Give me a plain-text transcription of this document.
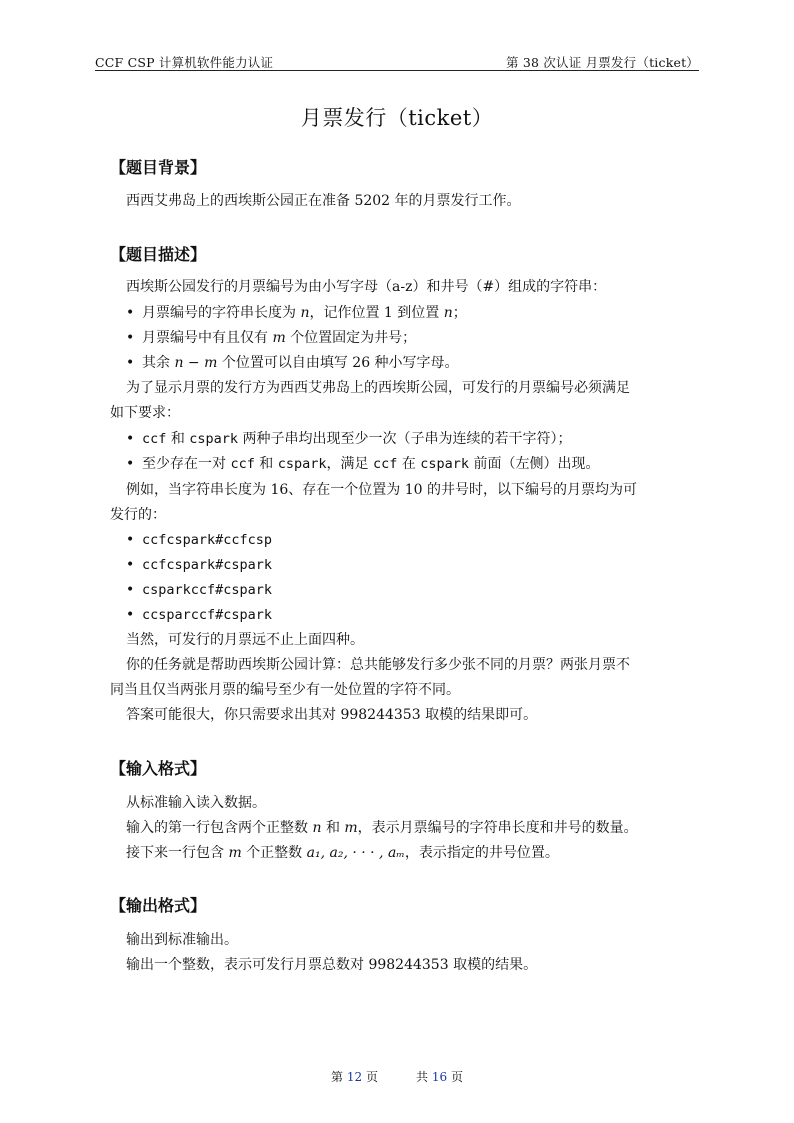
CCF CSP 计算机软件能力认证	第 38 次认证 月票发行（ticket）
月票发行（ticket）
【题目背景】
西西艾弗岛上的西埃斯公园正在准备 5202 年的月票发行工作。
【题目描述】
西埃斯公园发行的月票编号为由小写字母（a-z）和井号（#）组成的字符串：
• 月票编号的字符串长度为 n，记作位置 1 到位置 n；
• 月票编号中有且仅有 m 个位置固定为井号；
• 其余 n − m 个位置可以自由填写 26 种小写字母。
为了显示月票的发行方为西西艾弗岛上的西埃斯公园，可发行的月票编号必须满足
如下要求：
• ccf 和 cspark 两种子串均出现至少一次（子串为连续的若干字符）；
• 至少存在一对 ccf 和 cspark，满足 ccf 在 cspark 前面（左侧）出现。
例如，当字符串长度为 16、存在一个位置为 10 的井号时，以下编号的月票均为可
发行的：
• ccfcspark#ccfcsp
• ccfcspark#cspark
• csparkccf#cspark
• ccsparccf#cspark
当然，可发行的月票远不止上面四种。
你的任务就是帮助西埃斯公园计算：总共能够发行多少张不同的月票？两张月票不
同当且仅当两张月票的编号至少有一处位置的字符不同。
答案可能很大，你只需要求出其对 998244353 取模的结果即可。
【输入格式】
从标准输入读入数据。
输入的第一行包含两个正整数 n 和 m，表示月票编号的字符串长度和井号的数量。
接下来一行包含 m 个正整数 a₁, a₂, · · · , aₘ，表示指定的井号位置。
【输出格式】
输出到标准输出。
输出一个整数，表示可发行月票总数对 998244353 取模的结果。
第 12 页	共 16 页
